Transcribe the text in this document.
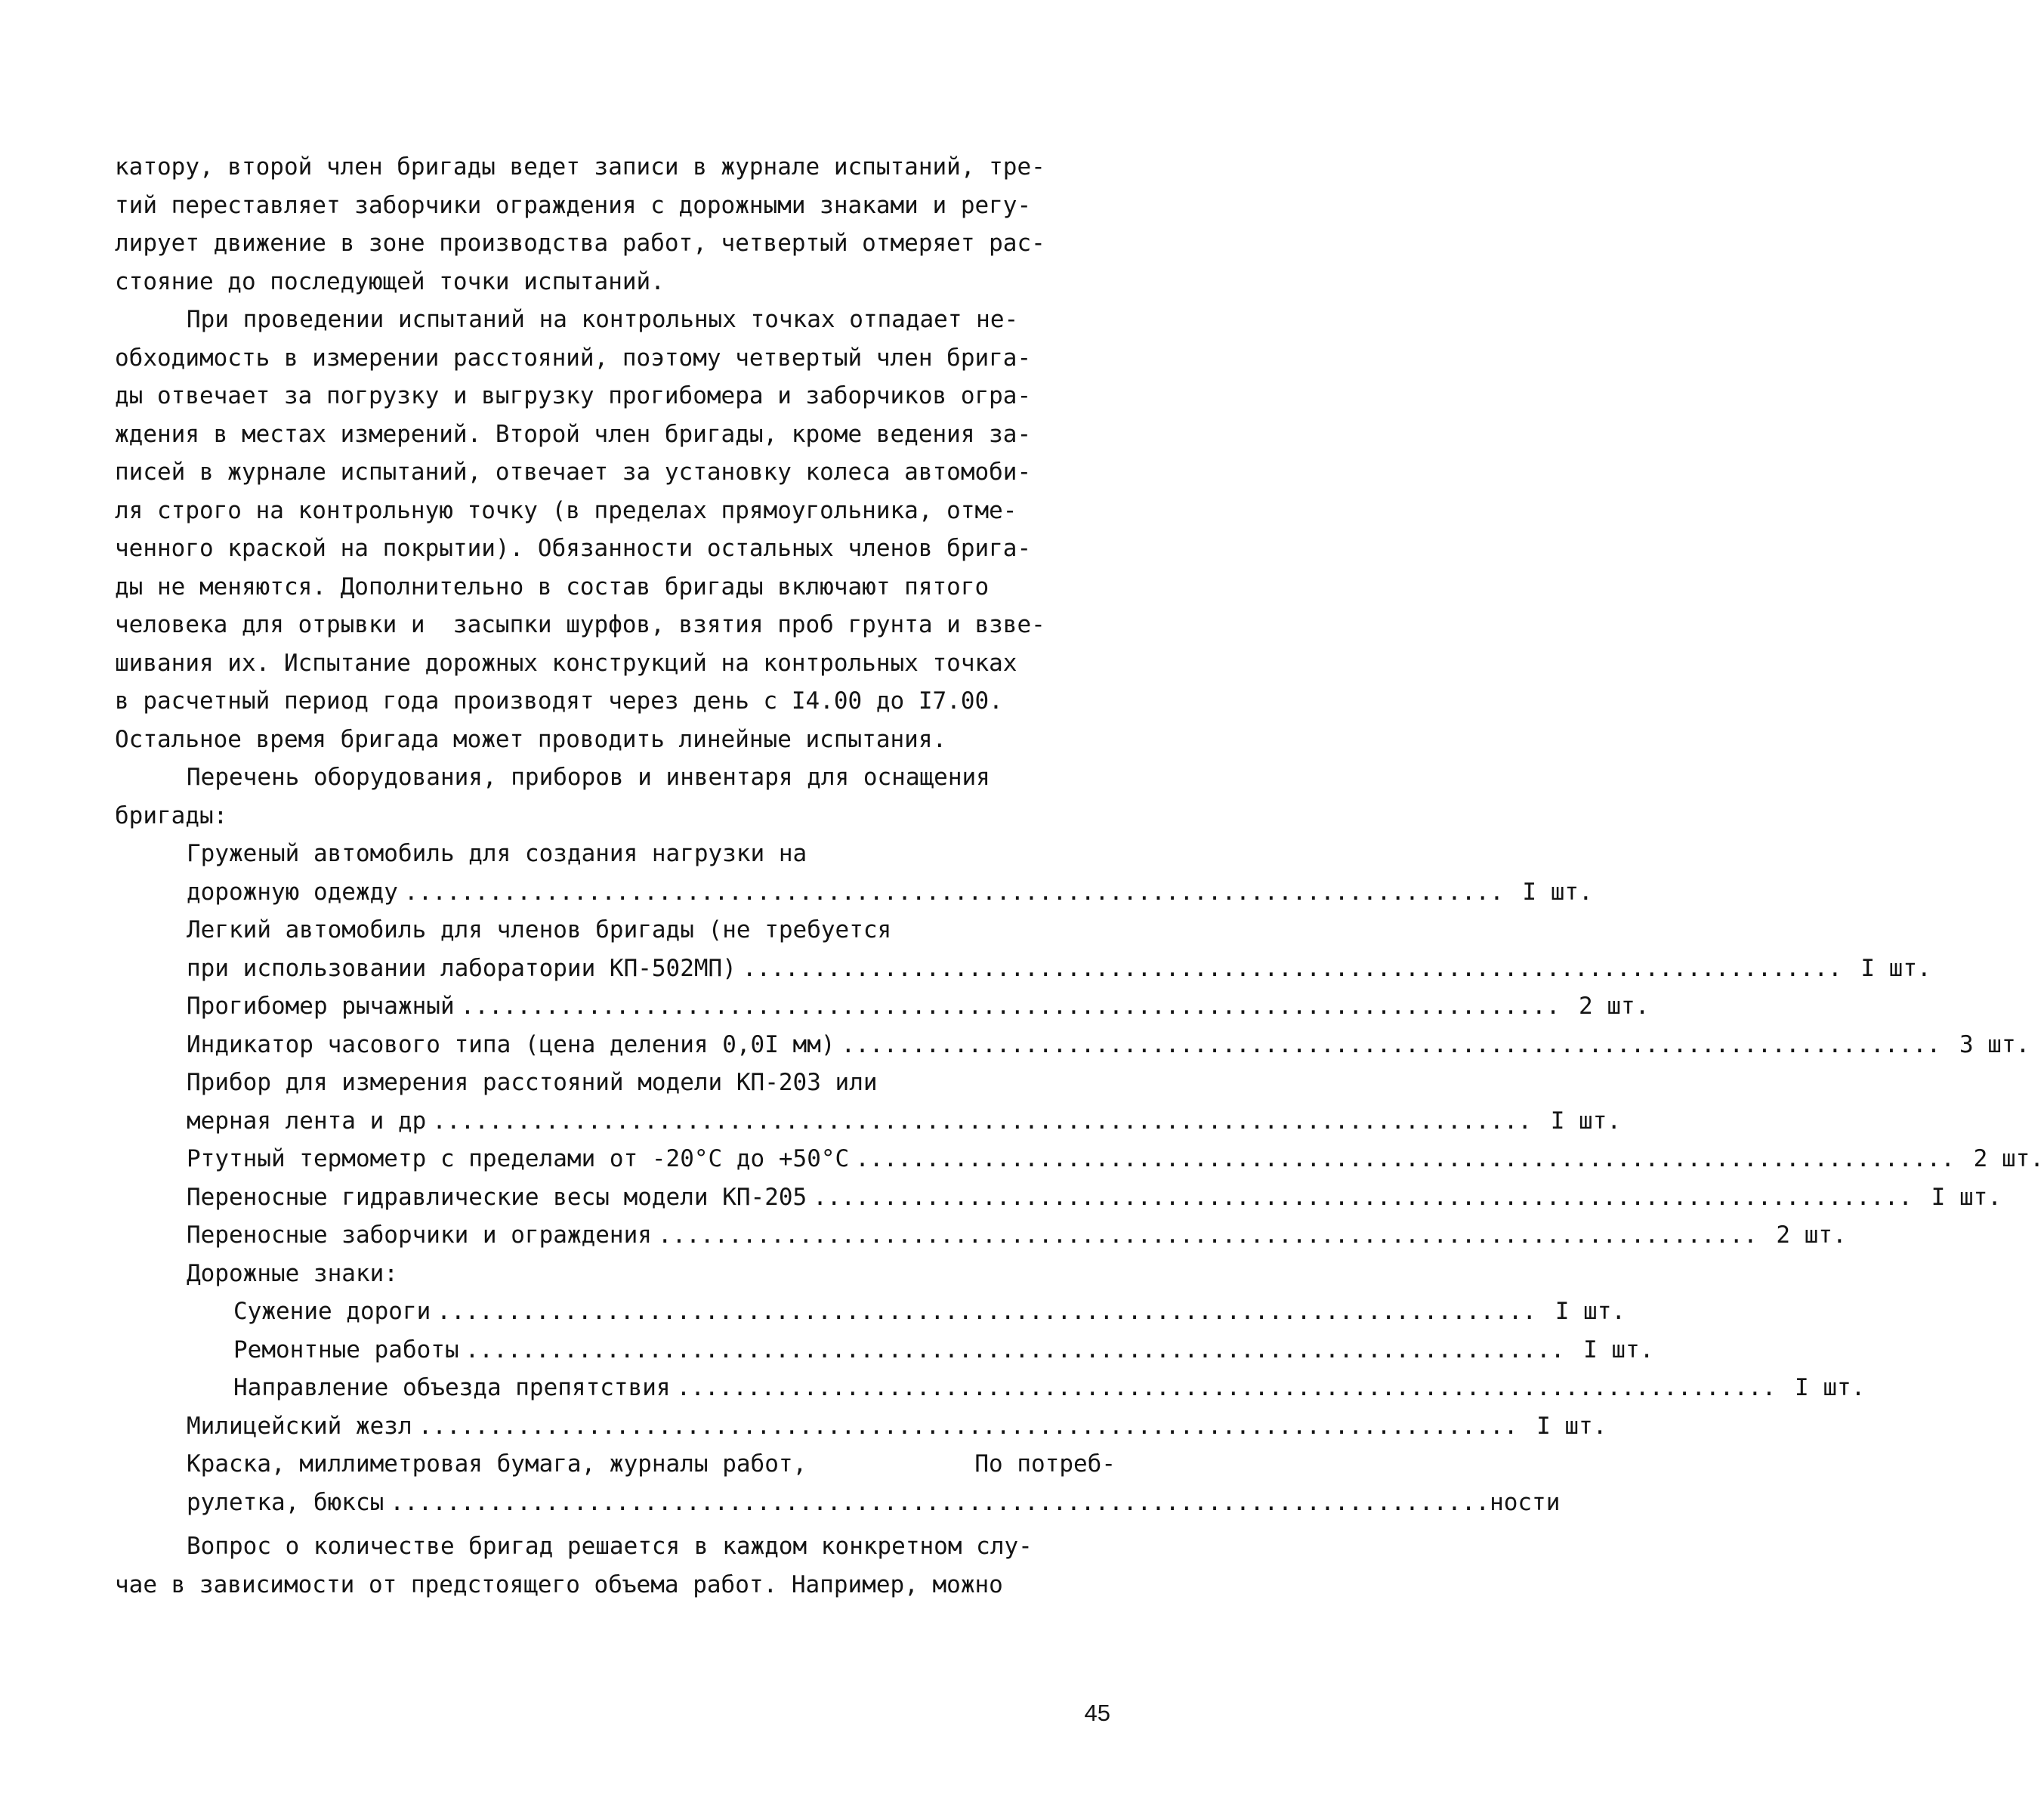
катору, второй член бригады ведет записи в журнале испытаний, тре-
тий переставляет заборчики ограждения с дорожными знаками и регу-
лирует движение в зоне производства работ, четвертый отмеряет рас-
стояние до последующей точки испытаний.
При проведении испытаний на контрольных точках отпадает не-
обходимость в измерении расстояний, поэтому четвертый член брига-
ды отвечает за погрузку и выгрузку прогибомера и заборчиков огра-
ждения в местах измерений. Второй член бригады, кроме ведения за-
писей в журнале испытаний, отвечает за установку колеса автомоби-
ля строго на контрольную точку (в пределах прямоугольника, отме-
ченного краской на покрытии). Обязанности остальных членов брига-
ды не меняются. Дополнительно в состав бригады включают пятого
человека для отрывки и  засыпки шурфов, взятия проб грунта и взве-
шивания их. Испытание дорожных конструкций на контрольных точках
в расчетный период года производят через день с I4.00 до I7.00.
Остальное время бригада может проводить линейные испытания.
Перечень оборудования, приборов и инвентаря для оснащения
бригады:
Груженый автомобиль для создания нагрузки на
дорожную одежду .............................................................................. I шт.
Легкий автомобиль для членов бригады (не требуется
при использовании лаборатории КП-502МП) .............................................................................. I шт.
Прогибомер рычажный .............................................................................. 2 шт.
Индикатор часового типа (цена деления 0,0I мм) .............................................................................. 3 шт.
Прибор для измерения расстояний модели КП-203 или
мерная лента и др .............................................................................. I шт.
Ртутный термометр с пределами от -20°С до +50°С .............................................................................. 2 шт.
Переносные гидравлические весы модели КП-205 .............................................................................. I шт.
Переносные заборчики и ограждения .............................................................................. 2 шт.
Дорожные знаки:
Сужение дороги .............................................................................. I шт.
Ремонтные работы .............................................................................. I шт.
Направление объезда препятствия .............................................................................. I шт.
Милицейский жезл .............................................................................. I шт.
Краска, миллиметровая бумага, журналы работ,	По потреб-
рулетка, бюксы .............................................................................. ности
Вопрос о количестве бригад решается в каждом конкретном слу-
чае в зависимости от предстоящего объема работ. Например, можно
45
